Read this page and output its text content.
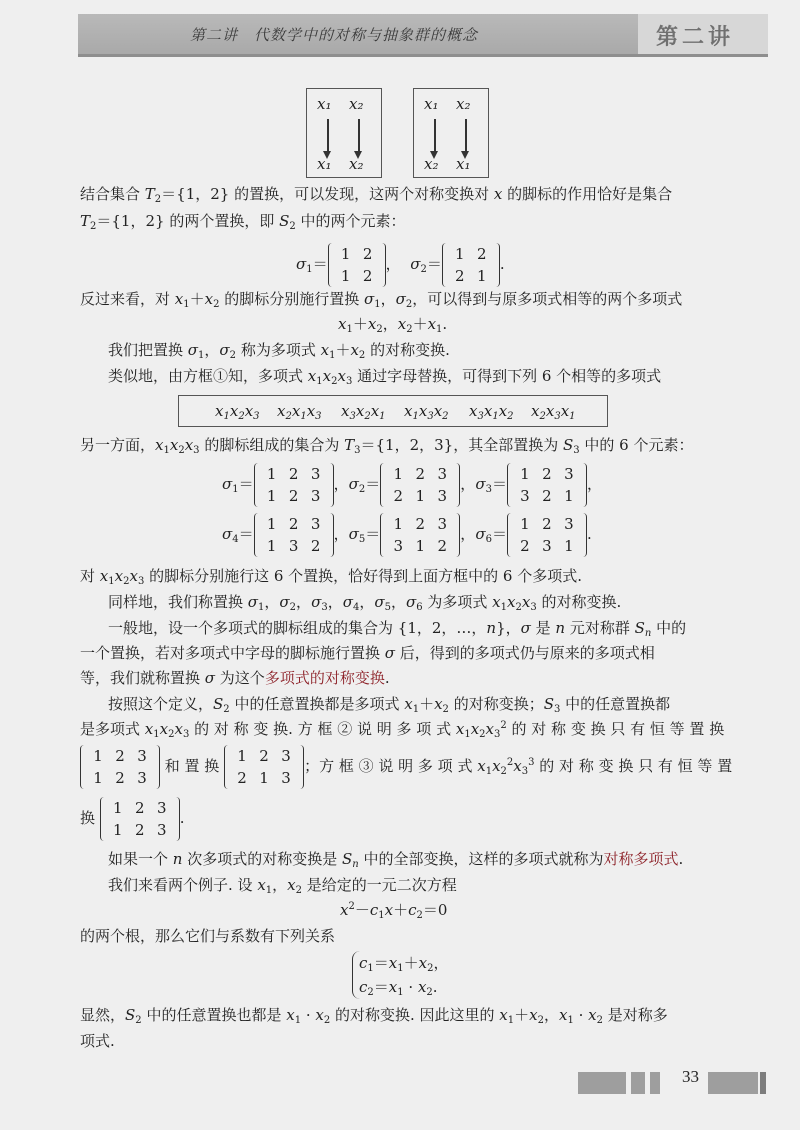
第二讲　代数学中的对称与抽象群的概念	第二讲
x₁ x₂
x₁ x₂
x₁ x₂
x₂ x₁
结合集合 $T_2=\{1$，2} 的置换，可以发现，这两个对称变换对 x 的脚标的作用恰好是集合
$T_2=\{1$，2} 的两个置换，即 $S_2$ 中的两个元素：
$\sigma_1=1$ 2
1 2，  $\sigma_2=1$ 2
2 1.
反过来看，对 $x_1+x_2$ 的脚标分别施行置换 $\sigma_1$，$\sigma_2$，可以得到与原多项式相等的两个多项式
$x_1+x_2$，$x_2+x_1$.
我们把置换 $\sigma_1$，$\sigma_2$ 称为多项式 $x_1+x_2$ 的对称变换.
类似地，由方框①知，多项式 $x_1x_2x_3$ 通过字母替换，可得到下列 6 个相等的多项式
$x_1x_2x_3$ $x_2x_1x_3$ $x_3x_2x_1$ $x_1x_3x_2$ $x_3x_1x_2$ $x_2x_3x_1$
另一方面，$x_1x_2x_3$ 的脚标组成的集合为 $T_3=\{1$，2，3}，其全部置换为 $S_3$ 中的 6 个元素：
$\sigma_1=1$ 2 3
1 2 3，$\sigma_2=1$ 2 3
2 1 3，$\sigma_3=1$ 2 3
3 2 1，
$\sigma_4=1$ 2 3
1 3 2，$\sigma_5=1$ 2 3
3 1 2，$\sigma_6=1$ 2 3
2 3 1.
对 $x_1x_2x_3$ 的脚标分别施行这 6 个置换，恰好得到上面方框中的 6 个多项式.
同样地，我们称置换 $\sigma_1$，$\sigma_2$，$\sigma_3$，$\sigma_4$，$\sigma_5$，$\sigma_6$ 为多项式 $x_1x_2x_3$ 的对称变换.
一般地，设一个多项式的脚标组成的集合为 {1，2，…，n}，σ 是 n 元对称群 $S_n$ 中的
一个置换，若对多项式中字母的脚标施行置换 σ 后，得到的多项式仍与原来的多项式相
等，我们就称置换 σ 为这个多项式的对称变换.
按照这个定义，$S_2$ 中的任意置换都是多项式 $x_1+x_2$ 的对称变换；$S_3$ 中的任意置换都
是多项式 $x_1x_2x_3$ 的 对 称 变 换. 方 框 ② 说 明 多 项 式 $x_1x_2x_3^2$ 的 对 称 变 换 只 有 恒 等 置 换
1 2 3
1 2 3 和 置 换 1 2 3
2 1 3；方 框 ③ 说 明 多 项 式 $x_1x_2^2x_3^3$ 的 对 称 变 换 只 有 恒 等 置
换 1 2 3
1 2 3.
如果一个 n 次多项式的对称变换是 $S_n$ 中的全部变换，这样的多项式就称为对称多项式.
我们来看两个例子. 设 $x_1$，$x_2$ 是给定的一元二次方程
$x^2-c_1x+c_2=0$
的两个根，那么它们与系数有下列关系
$c_1=x_1+x_2$，
$c_2=x_1 \cdot x_2$.
显然，$S_2$ 中的任意置换也都是 $x_1 \cdot x_2$ 的对称变换. 因此这里的 $x_1+x_2$，$x_1 \cdot x_2$ 是对称多
项式.
33
